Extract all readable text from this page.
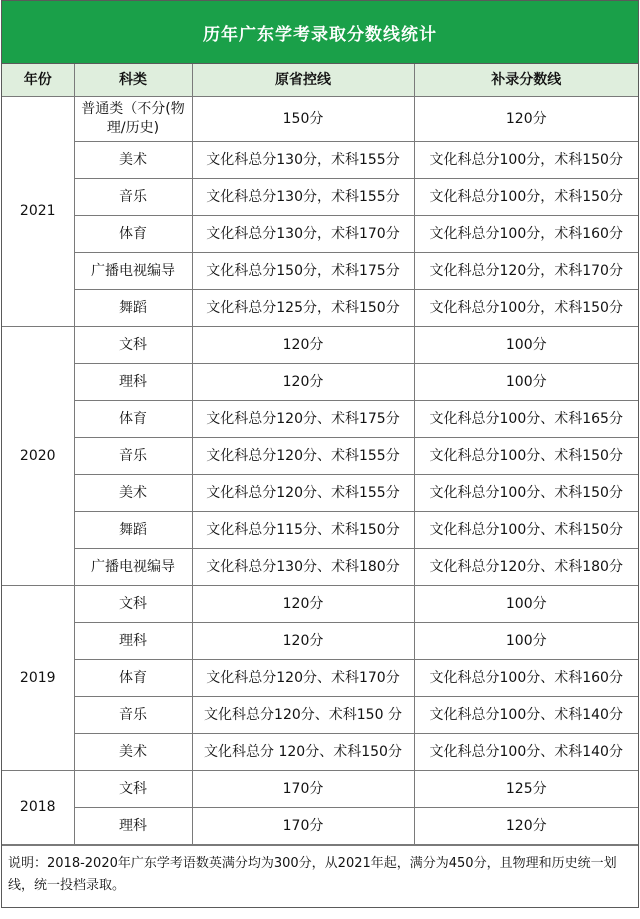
历年广东学考录取分数线统计
年份	科类	原省控线	补录分数线
2021	普通类（不分(物理/历史)	150分	120分
	美术	文化科总分130分，术科155分	文化科总分100分，术科150分
	音乐	文化科总分130分，术科155分	文化科总分100分，术科150分
	体育	文化科总分130分，术科170分	文化科总分100分，术科160分
	广播电视编导	文化科总分150分，术科175分	文化科总分120分，术科170分
	舞蹈	文化科总分125分，术科150分	文化科总分100分，术科150分
2020	文科	120分	100分
	理科	120分	100分
	体育	文化科总分120分、术科175分	文化科总分100分、术科165分
	音乐	文化科总分120分、术科155分	文化科总分100分、术科150分
	美术	文化科总分120分、术科155分	文化科总分100分、术科150分
	舞蹈	文化科总分115分、术科150分	文化科总分100分、术科150分
	广播电视编导	文化科总分130分、术科180分	文化科总分120分、术科180分
2019	文科	120分	100分
	理科	120分	100分
	体育	文化科总分120分、术科170分	文化科总分100分、术科160分
	音乐	文化科总分120分、术科150 分	文化科总分100分、术科140分
	美术	文化科总分 120分、术科150分	文化科总分100分、术科140分
2018	文科	170分	125分
	理科	170分	120分
说明：2018-2020年广东学考语数英满分均为300分，从2021年起，满分为450分，且物理和历史统一划线，统一投档录取。
